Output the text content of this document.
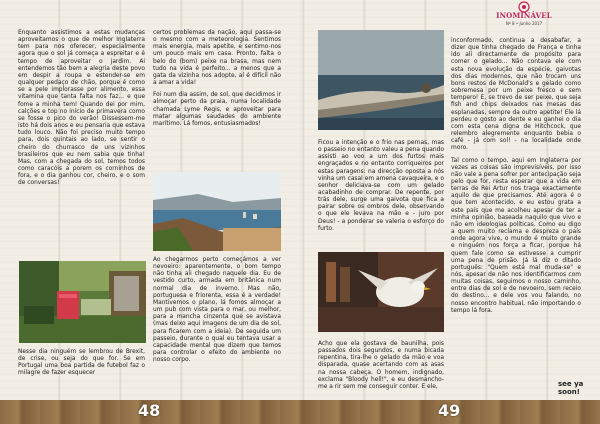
Enquanto assistimos a estas mudanças aproveitamos o que de melhor Inglaterra tem para nos oferecer, especialmente agora que o sol já começa a espreitar e é tempo de aproveitar o jardim. Ai entendemos tão bem a alegria deste povo em despir a roupa e estender-se em qualquer pedaço de chão, porque é como se a pele implorasse por alimento, essa vitamina que tanta falta nos faz... e que fome a minha tem! Quando dei por mim, calções e top no início de primavera como se fosse o pico do verão! Dissessem-me isto há dois anos e eu pensaria que estava tudo louco. Não foi preciso muito tempo para, dois quintais ao lado, se sentir o cheiro do churrasco de uns vizinhos brasileiros que eu nem sabia que tinha! Mas, com a chegada do sol, temos todos como caracóis a porem os corninhos de fora, e o dia ganhou cor, cheiro, e o som de conversas!

Nesse dia ninguém se lembrou de Brexit, de crise, ou seja do que for. Se em Portugal uma boa partida de futebol faz o milagre de fazer esquecer

certos problemas da nação, aqui passa-se o mesmo com a meteorologia. Sentimos mais energia, mais apetite, e sentimo-nos um pouco mais em casa. Pronto, falta o belo do (bom) peixe na brasa, mas nem tudo na vida é perfeito... a menos que a gata da vizinha nos adopte, aí é difícil não a amar a vida!

Foi num dia assim, de sol, que decidimos ir almoçar perto da praia, numa localidade chamada Lyme Regis, e aproveitar para matar algumas saudades do ambiente marítimo. Lá fomos, entusiasmados!

Ao chegarmos perto começámos a ver nevoeiro: aparentemente, o bom tempo não tinha ali chegado naquele dia. Eu de vestido curto, armada em britânica num normal dia de inverno. Mas não, portuguesa e friorenta, essa é a verdade! Mantivemos o plano, lá fomos almoçar a um pub com vista para o mar, ou melhor, para a mancha cinzenta que se avistava (mas deixo aqui imagens de um dia de sol, para ficarem com a ideia). De seguida um passeio, durante o qual eu tentava usar a capacidade mental que dizem que temos para controlar o efeito do ambiente no nosso corpo.

INOMINÁVEL
Nº 8 • Junho 2017

Ficou a intenção e o frio nas pernas, mas o passeio no entanto valeu a pena quando assisti ao voo a um dos furtos mais engraçados e no entanto corriqueiros por estas paragens: na direcção oposta a nós vinha um casal em amena cavaqueira, e o senhor deliciava-se com um gelado acabadinho de comprar. De repente, por trás dele, surge uma gaivota que fica a pairar sobre os ombros dele, observando o que ele levava na mão e - juro por Deus! - a ponderar se valeria o esforço do furto.

Acho que ela gostava de baunilha, pois passados dois segundos, e numa bicada repentina, tira-lhe o gelado da mão e voa disparada, quase acertando com as asas na nossa cabeça. O homem, indignado, exclama "Bloody hell!", e eu desmancho-me a rir sem me conseguir conter. E ele,

inconformado, continua a desabafar, a dizer que tinha chegado de França e tinha ido ali directamente de propósito para comer o gelado... Não contava ele com esta nova evolução da espécie, gaivotas dos dias modernos, que não trocam uns bons restos de McDonald's e gelado como sobremesa por um peixe fresco e sem tempero! E, se trevo de ser peixe, que seja fish and chips deixados nas mesas das esplanadas, sempre da outro apetite! Ele lá perdeu o gosto ao dente e eu ganhei o dia com esta cena digna de Hitchcock, que relembro alegremente enquanto bebia o café - já com sol! - na localidade onde moro.

Tal como o tempo, aqui em Inglaterra por vezes as coisas são imprevisíveis, por isso não vale a pena sofrer por antecipação seja pelo que for, resta esperar que a vida em terras de Rei Artur nos traga exactamente aquilo de que precisamos. Até agora é o que tem acontecido, e eu estou grata a este país que me acolheu apesar de ter a minha opinião, baseada naquilo que vivo e não em ideologias políticas. Como eu digo a quem muito reclama e despreza o país onde agora vive, o mundo é muito grande e ninguém nos força a ficar, porque há quem fale como se estivesse a cumprir uma pena de prisão. Já lá diz o ditado português: "Quem está mal muda-se" e nós, apesar de não nos identificarmos com muitas coisas, seguimos o nosso caminho, entre dias de sol e de nevoeiro, sem receio do destino... e dele vos vou falando, no nosso encontro habitual, não importando o tempo lá fora.

see ya soon!
48	49
